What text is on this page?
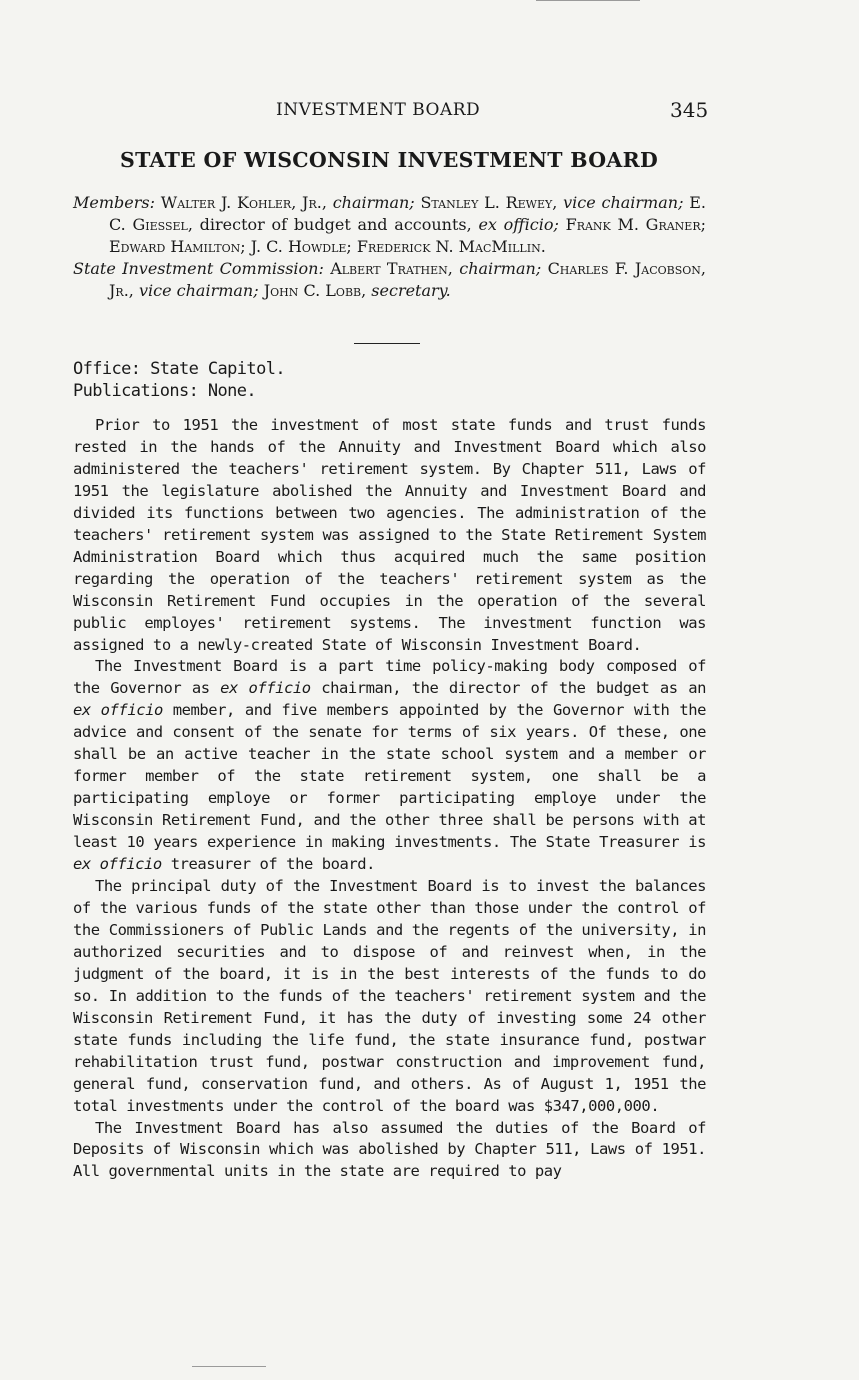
INVESTMENT BOARD	345
STATE OF WISCONSIN INVESTMENT BOARD

Members: Walter J. Kohler, Jr., chairman; Stanley L. Rewey, vice chairman; E. C. Giessel, director of budget and accounts, ex officio; Frank M. Graner; Edward Hamilton; J. C. Howdle; Frederick N. MacMillin.

State Investment Commission: Albert Trathen, chairman; Charles F. Jacobson, Jr., vice chairman; John C. Lobb, secretary.

Office: State Capitol.
Publications: None.

Prior to 1951 the investment of most state funds and trust funds rested in the hands of the Annuity and Investment Board which also administered the teachers' retirement system. By Chapter 511, Laws of 1951 the legislature abolished the Annuity and Investment Board and divided its functions between two agencies. The administration of the teachers' retirement system was assigned to the State Retirement System Administration Board which thus acquired much the same position regarding the operation of the teachers' retirement system as the Wisconsin Retirement Fund occupies in the operation of the several public employes' retirement systems. The investment function was assigned to a newly-created State of Wisconsin Investment Board.

The Investment Board is a part time policy-making body composed of the Governor as ex officio chairman, the director of the budget as an ex officio member, and five members appointed by the Governor with the advice and consent of the senate for terms of six years. Of these, one shall be an active teacher in the state school system and a member or former member of the state retirement system, one shall be a participating employe or former participating employe under the Wisconsin Retirement Fund, and the other three shall be persons with at least 10 years experience in making investments. The State Treasurer is ex officio treasurer of the board.

The principal duty of the Investment Board is to invest the balances of the various funds of the state other than those under the control of the Commissioners of Public Lands and the regents of the university, in authorized securities and to dispose of and reinvest when, in the judgment of the board, it is in the best interests of the funds to do so. In addition to the funds of the teachers' retirement system and the Wisconsin Retirement Fund, it has the duty of investing some 24 other state funds including the life fund, the state insurance fund, postwar rehabilitation trust fund, postwar construction and improvement fund, general fund, conservation fund, and others. As of August 1, 1951 the total investments under the control of the board was $347,000,000.

The Investment Board has also assumed the duties of the Board of Deposits of Wisconsin which was abolished by Chapter 511, Laws of 1951. All governmental units in the state are required to pay
